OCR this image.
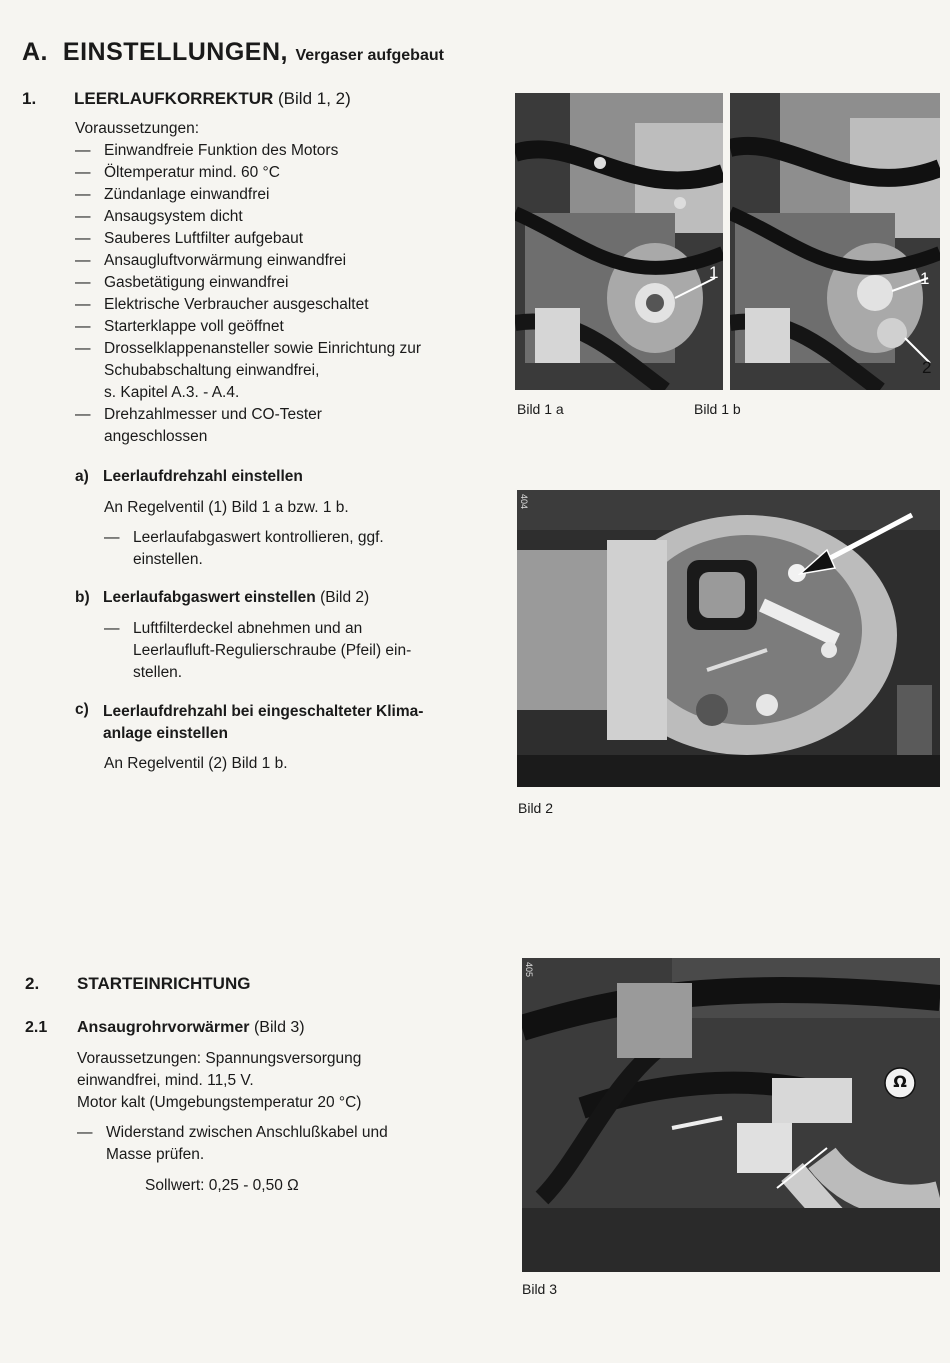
A. EINSTELLUNGEN, Vergaser aufgebaut
1. LEERLAUFKORREKTUR (Bild 1, 2)
Voraussetzungen:
— Einwandfreie Funktion des Motors
— Öltemperatur mind. 60 °C
— Zündanlage einwandfrei
— Ansaugsystem dicht
— Sauberes Luftfilter aufgebaut
— Ansaugluftvorwärmung einwandfrei
— Gasbetätigung einwandfrei
— Elektrische Verbraucher ausgeschaltet
— Starterklappe voll geöffnet
— Drosselklappenansteller sowie Einrichtung zur
Schubabschaltung einwandfrei,
s. Kapitel A.3. - A.4.
— Drehzahlmesser und CO-Tester
angeschlossen
a) Leerlaufdrehzahl einstellen
An Regelventil (1) Bild 1 a bzw. 1 b.
— Leerlaufabgaswert kontrollieren, ggf.
einstellen.
b) Leerlaufabgaswert einstellen (Bild 2)
— Luftfilterdeckel abnehmen und an
Leerlaufluft-Regulierschraube (Pfeil) ein-
stellen.
c) Leerlaufdrehzahl bei eingeschalteter Klima-
anlage einstellen
An Regelventil (2) Bild 1 b.
2. STARTEINRICHTUNG
2.1 Ansaugrohrvorwärmer (Bild 3)
Voraussetzungen: Spannungsversorgung
einwandfrei, mind. 11,5 V.
Motor kalt (Umgebungstemperatur 20 °C)
— Widerstand zwischen Anschlußkabel und
Masse prüfen.
Sollwert: 0,25 - 0,50 Ω
1
Bild 1 a
1
2
Bild 1 b
404
Bild 2
Ω
405
Bild 3
